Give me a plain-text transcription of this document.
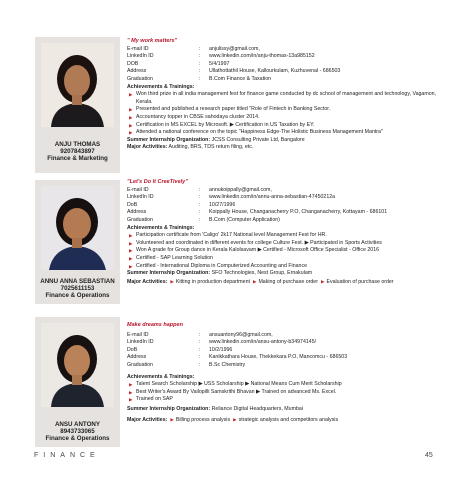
ANJU THOMAS
9207843897
Finance & Marketing
" My work matters"
E-mail ID	:	anjulissy@gmail.com,
LinkedIn ID	:	www.linkedin.com/in/anju-thomas-13a985152
DOB	:	5/4/1997
Address	:	Ullathottathil House, Kallourkulam, Kuzhuvenal - 686503
Graduation	:	B.Com Finance & Taxation
Achievements & Trainings:
▶ Won third prize in all india management fest for finance game conducted by dc school of management and technology, Vagamon, Kerala.
▶ Presented and published a research paper titled "Role of Fintech in Banking Sector.
▶ Accountancy topper in CBSE sahodaya cluster 2014.
▶ Certification in MS EXCEL by Microsoft. ▶ Certification in US Taxation by EY.
▶ Attended a national conference on the topic "Happiness Edge-The Holistic Business Management Mantra"
Summer Internship Organization: JCSS Consulting Private Ltd, Bangalore
Major Activities: Auditing, BRS, TDS return filing, etc.
ANNU ANNA SEBASTIAN
7025611153
Finance & Operations
"Let's Do It CreeTively"
E-mail ID	:	annukoippally@gmail.com,
LinkedIn ID	:	www.linkedin.com/in/annu-anna-sebastian-47450212a
DoB	:	10/27/1996
Address	:	Koippally House, Changanacherry P.O, Changanacherry, Kottayam - 686101
Graduation	:	B.Com (Computer Application)
Achievements & Trainings:
▶ Participation certificate from 'Caligo' 2k17 National level Management Fest for HR.
▶ Volunteered and coordinated in different events for college Culture Fest. ▶ Participated in Sports Activities
▶ Won A grade for Group dance in Kerala Kalolsavam ▶ Certified - Microsoft Office Specialist - Office 2016
▶ Certified - SAP Learning Solution
▶ Certified - International Diploma in Computerized Accounting and Finance
Summer Internship Organization: SFO Technologies, Nest Group, Ernakulam
Major Activities: ▶ Kitting in production department ▶ Making of purchase order ▶ Evaluation of purchase order
ANSU ANTONY
8943733065
Finance & Operations
Make dreams happen
E-mail ID	:	ansuantony96@gmail.com,
LinkedIn ID	:	www.linkedin.com/in/ansu-antony-b34974145/
DoB	:	10/2/1996
Address	:	Kanikkathara House, Thekkekara P.O, Mancomcu - 686503
Graduation	:	B.Sc Chemistry
Achievements & Trainings:
▶ Talent Search Scholarship ▶ USS Scholarship ▶ National Means Cum Merit Scholarship
▶ Best Writer's Award By Vailopilli Samskrithi Bhavan ▶ Trained on advanced Ms. Excel.
▶ Trained on SAP
Summer Internship Organization: Reliance Digital Headquarters, Mumbai
Major Activities: ▶ Billing process analysis ▶ strategic analysis and competitors analysis
FINANCE	45
